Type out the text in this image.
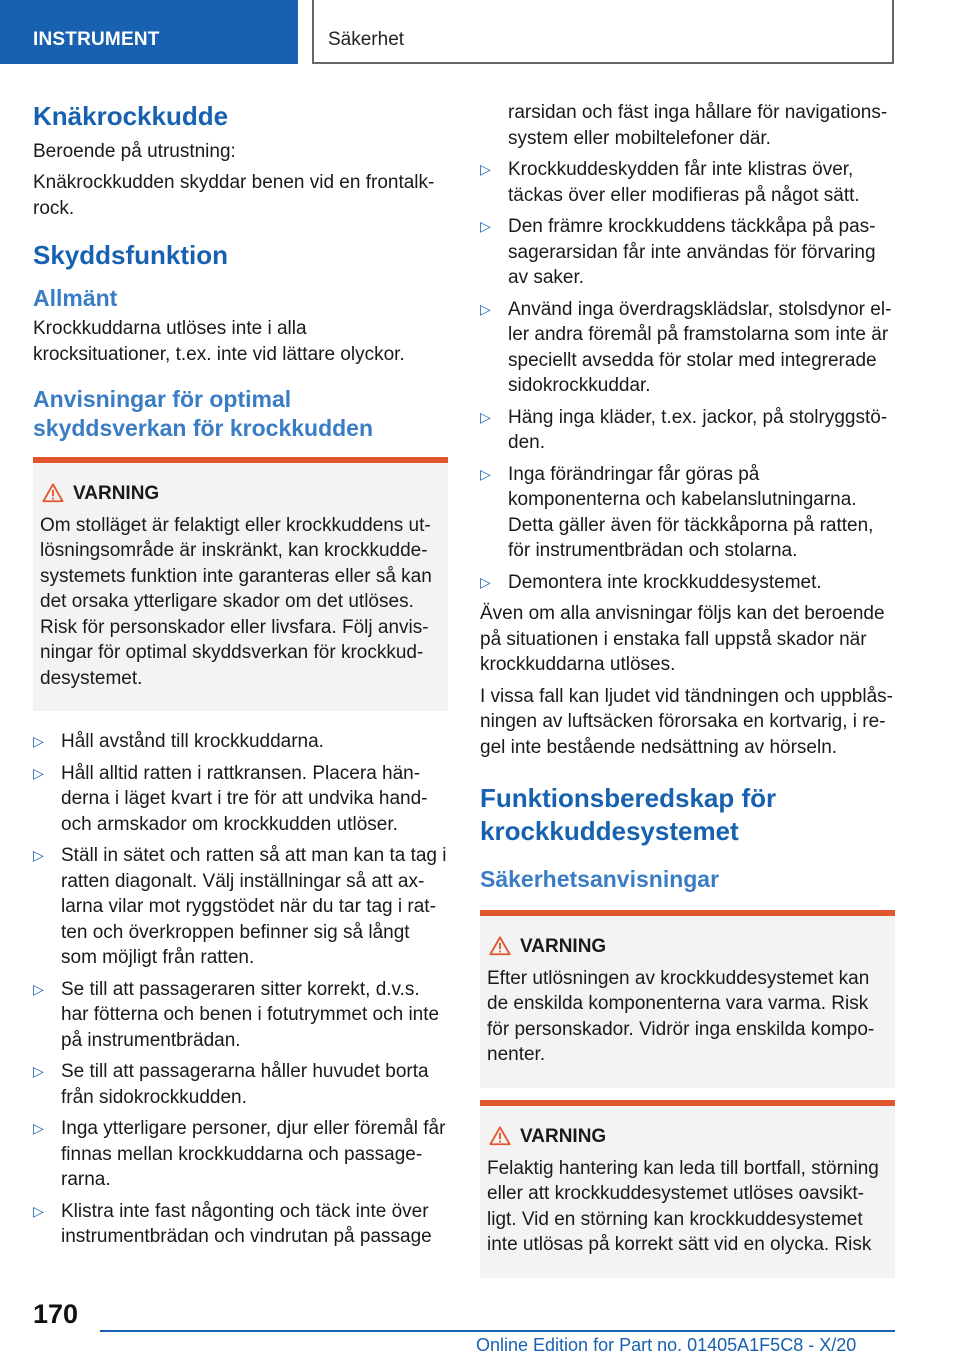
INSTRUMENT	Säkerhet
Knäkrockkudde

Beroende på utrustning:

Knäkrockkudden skyddar benen vid en frontalkrock.

Skyddsfunktion
Allmänt

Krockkuddarna utlöses inte i alla krocksituationer, t.ex. inte vid lättare olyckor.

Anvisningar för optimal skyddsverkan för krockkudden
VARNING

Om stolläget är felaktigt eller krockkuddens utlösningsområde är inskränkt, kan krockkuddesystemets funktion inte garanteras eller så kan det orsaka ytterligare skador om det utlöses. Risk för personskador eller livsfara. Följ anvisningar för optimal skyddsverkan för krockkuddesystemet.

▷ Håll avstånd till krockkuddarna.
▷ Håll alltid ratten i rattkransen. Placera händerna i läget kvart i tre för att undvika hand- och armskador om krockkudden utlöser.
▷ Ställ in sätet och ratten så att man kan ta tag i ratten diagonalt. Välj inställningar så att axlarna vilar mot ryggstödet när du tar tag i ratten och överkroppen befinner sig så långt som möjligt från ratten.
▷ Se till att passageraren sitter korrekt, d.v.s. har fötterna och benen i fotutrymmet och inte på instrumentbrädan.
▷ Se till att passagerarna håller huvudet borta från sidokrockkudden.
▷ Inga ytterligare personer, djur eller föremål får finnas mellan krockkuddarna och passagerarna.
▷ Klistra inte fast någonting och täck inte över instrumentbrädan och vindrutan på passage
rarsidan och fäst inga hållare för navigationssystem eller mobiltelefoner där.
▷ Krockkuddeskydden får inte klistras över, täckas över eller modifieras på något sätt.
▷ Den främre krockkuddens täckkåpa på passagerarsidan får inte användas för förvaring av saker.
▷ Använd inga överdragsklädslar, stolsdynor eller andra föremål på framstolarna som inte är speciellt avsedda för stolar med integrerade sidokrockkuddar.
▷ Häng inga kläder, t.ex. jackor, på stolryggstöden.
▷ Inga förändringar får göras på komponenterna och kabelanslutningarna. Detta gäller även för täckkåporna på ratten, för instrumentbrädan och stolarna.
▷ Demontera inte krockkuddesystemet.

Även om alla anvisningar följs kan det beroende på situationen i enstaka fall uppstå skador när krockkuddarna utlöses.

I vissa fall kan ljudet vid tändningen och uppblåsningen av luftsäcken förorsaka en kortvarig, i regel inte bestående nedsättning av hörseln.

Funktionsberedskap för krockkuddesystemet
Säkerhetsanvisningar
VARNING

Efter utlösningen av krockkuddesystemet kan de enskilda komponenterna vara varma. Risk för personskador. Vidrör inga enskilda komponenter.

VARNING

Felaktig hantering kan leda till bortfall, störning eller att krockkuddesystemet utlöses oavsiktligt. Vid en störning kan krockkuddesystemet inte utlösas på korrekt sätt vid en olycka. Risk

170
Online Edition for Part no. 01405A1F5C8 - X/20
